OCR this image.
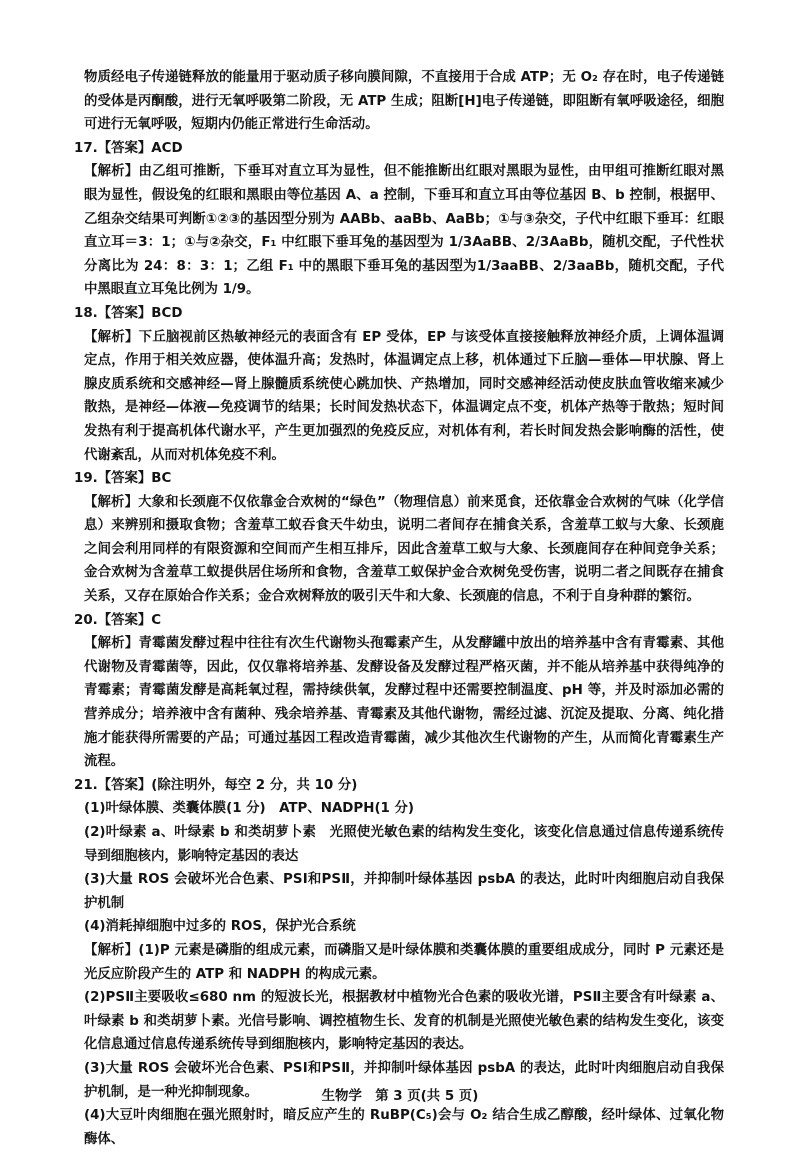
物质经电子传递链释放的能量用于驱动质子移向膜间隙，不直接用于合成 ATP；无 O₂ 存在时，电子传递链的受体是丙酮酸，进行无氧呼吸第二阶段，无 ATP 生成；阻断[H]电子传递链，即阻断有氧呼吸途径，细胞可进行无氧呼吸，短期内仍能正常进行生命活动。

17.【答案】ACD

【解析】由乙组可推断，下垂耳对直立耳为显性，但不能推断出红眼对黑眼为显性，由甲组可推断红眼对黑眼为显性，假设兔的红眼和黑眼由等位基因 A、a 控制，下垂耳和直立耳由等位基因 B、b 控制，根据甲、乙组杂交结果可判断①②③的基因型分别为 AABb、aaBb、AaBb；①与③杂交，子代中红眼下垂耳：红眼直立耳＝3：1；①与②杂交，F₁ 中红眼下垂耳兔的基因型为 1/3AaBB、2/3AaBb，随机交配，子代性状分离比为 24：8：3：1；乙组 F₁ 中的黑眼下垂耳兔的基因型为1/3aaBB、2/3aaBb，随机交配，子代中黑眼直立耳兔比例为 1/9。

18.【答案】BCD

【解析】下丘脑视前区热敏神经元的表面含有 EP 受体，EP 与该受体直接接触释放神经介质，上调体温调定点，作用于相关效应器，使体温升高；发热时，体温调定点上移，机体通过下丘脑—垂体—甲状腺、肾上腺皮质系统和交感神经—肾上腺髓质系统使心跳加快、产热增加，同时交感神经活动使皮肤血管收缩来减少散热，是神经—体液—免疫调节的结果；长时间发热状态下，体温调定点不变，机体产热等于散热；短时间发热有利于提高机体代谢水平，产生更加强烈的免疫反应，对机体有利，若长时间发热会影响酶的活性，使代谢紊乱，从而对机体免疫不利。

19.【答案】BC

【解析】大象和长颈鹿不仅依靠金合欢树的“绿色”（物理信息）前来觅食，还依靠金合欢树的气味（化学信息）来辨别和摄取食物；含羞草工蚁吞食天牛幼虫，说明二者间存在捕食关系，含羞草工蚁与大象、长颈鹿之间会利用同样的有限资源和空间而产生相互排斥，因此含羞草工蚁与大象、长颈鹿间存在种间竞争关系；金合欢树为含羞草工蚁提供居住场所和食物，含羞草工蚁保护金合欢树免受伤害，说明二者之间既存在捕食关系，又存在原始合作关系；金合欢树释放的吸引天牛和大象、长颈鹿的信息，不利于自身种群的繁衍。

20.【答案】C

【解析】青霉菌发酵过程中往往有次生代谢物头孢霉素产生，从发酵罐中放出的培养基中含有青霉素、其他代谢物及青霉菌等，因此，仅仅靠将培养基、发酵设备及发酵过程严格灭菌，并不能从培养基中获得纯净的青霉素；青霉菌发酵是高耗氧过程，需持续供氧，发酵过程中还需要控制温度、pH 等，并及时添加必需的营养成分；培养液中含有菌种、残余培养基、青霉素及其他代谢物，需经过滤、沉淀及提取、分离、纯化措施才能获得所需要的产品；可通过基因工程改造青霉菌，减少其他次生代谢物的产生，从而简化青霉素生产流程。

21.【答案】(除注明外，每空 2 分，共 10 分)

(1)叶绿体膜、类囊体膜(1 分)　ATP、NADPH(1 分)

(2)叶绿素 a、叶绿素 b 和类胡萝卜素　光照使光敏色素的结构发生变化，该变化信息通过信息传递系统传导到细胞核内，影响特定基因的表达

(3)大量 ROS 会破坏光合色素、PSⅠ和PSⅡ，并抑制叶绿体基因 psbA 的表达，此时叶肉细胞启动自我保护机制

(4)消耗掉细胞中过多的 ROS，保护光合系统

【解析】(1)P 元素是磷脂的组成元素，而磷脂又是叶绿体膜和类囊体膜的重要组成成分，同时 P 元素还是光反应阶段产生的 ATP 和 NADPH 的构成元素。

(2)PSⅡ主要吸收≤680 nm 的短波长光，根据教材中植物光合色素的吸收光谱，PSⅡ主要含有叶绿素 a、叶绿素 b 和类胡萝卜素。光信号影响、调控植物生长、发育的机制是光照使光敏色素的结构发生变化，该变化信息通过信息传递系统传导到细胞核内，影响特定基因的表达。

(3)大量 ROS 会破坏光合色素、PSⅠ和PSⅡ，并抑制叶绿体基因 psbA 的表达，此时叶肉细胞启动自我保护机制，是一种光抑制现象。

(4)大豆叶肉细胞在强光照射时，暗反应产生的 RuBP(C₅)会与 O₂ 结合生成乙醇酸，经叶绿体、过氧化物酶体、

生物学　第 3 页(共 5 页)
